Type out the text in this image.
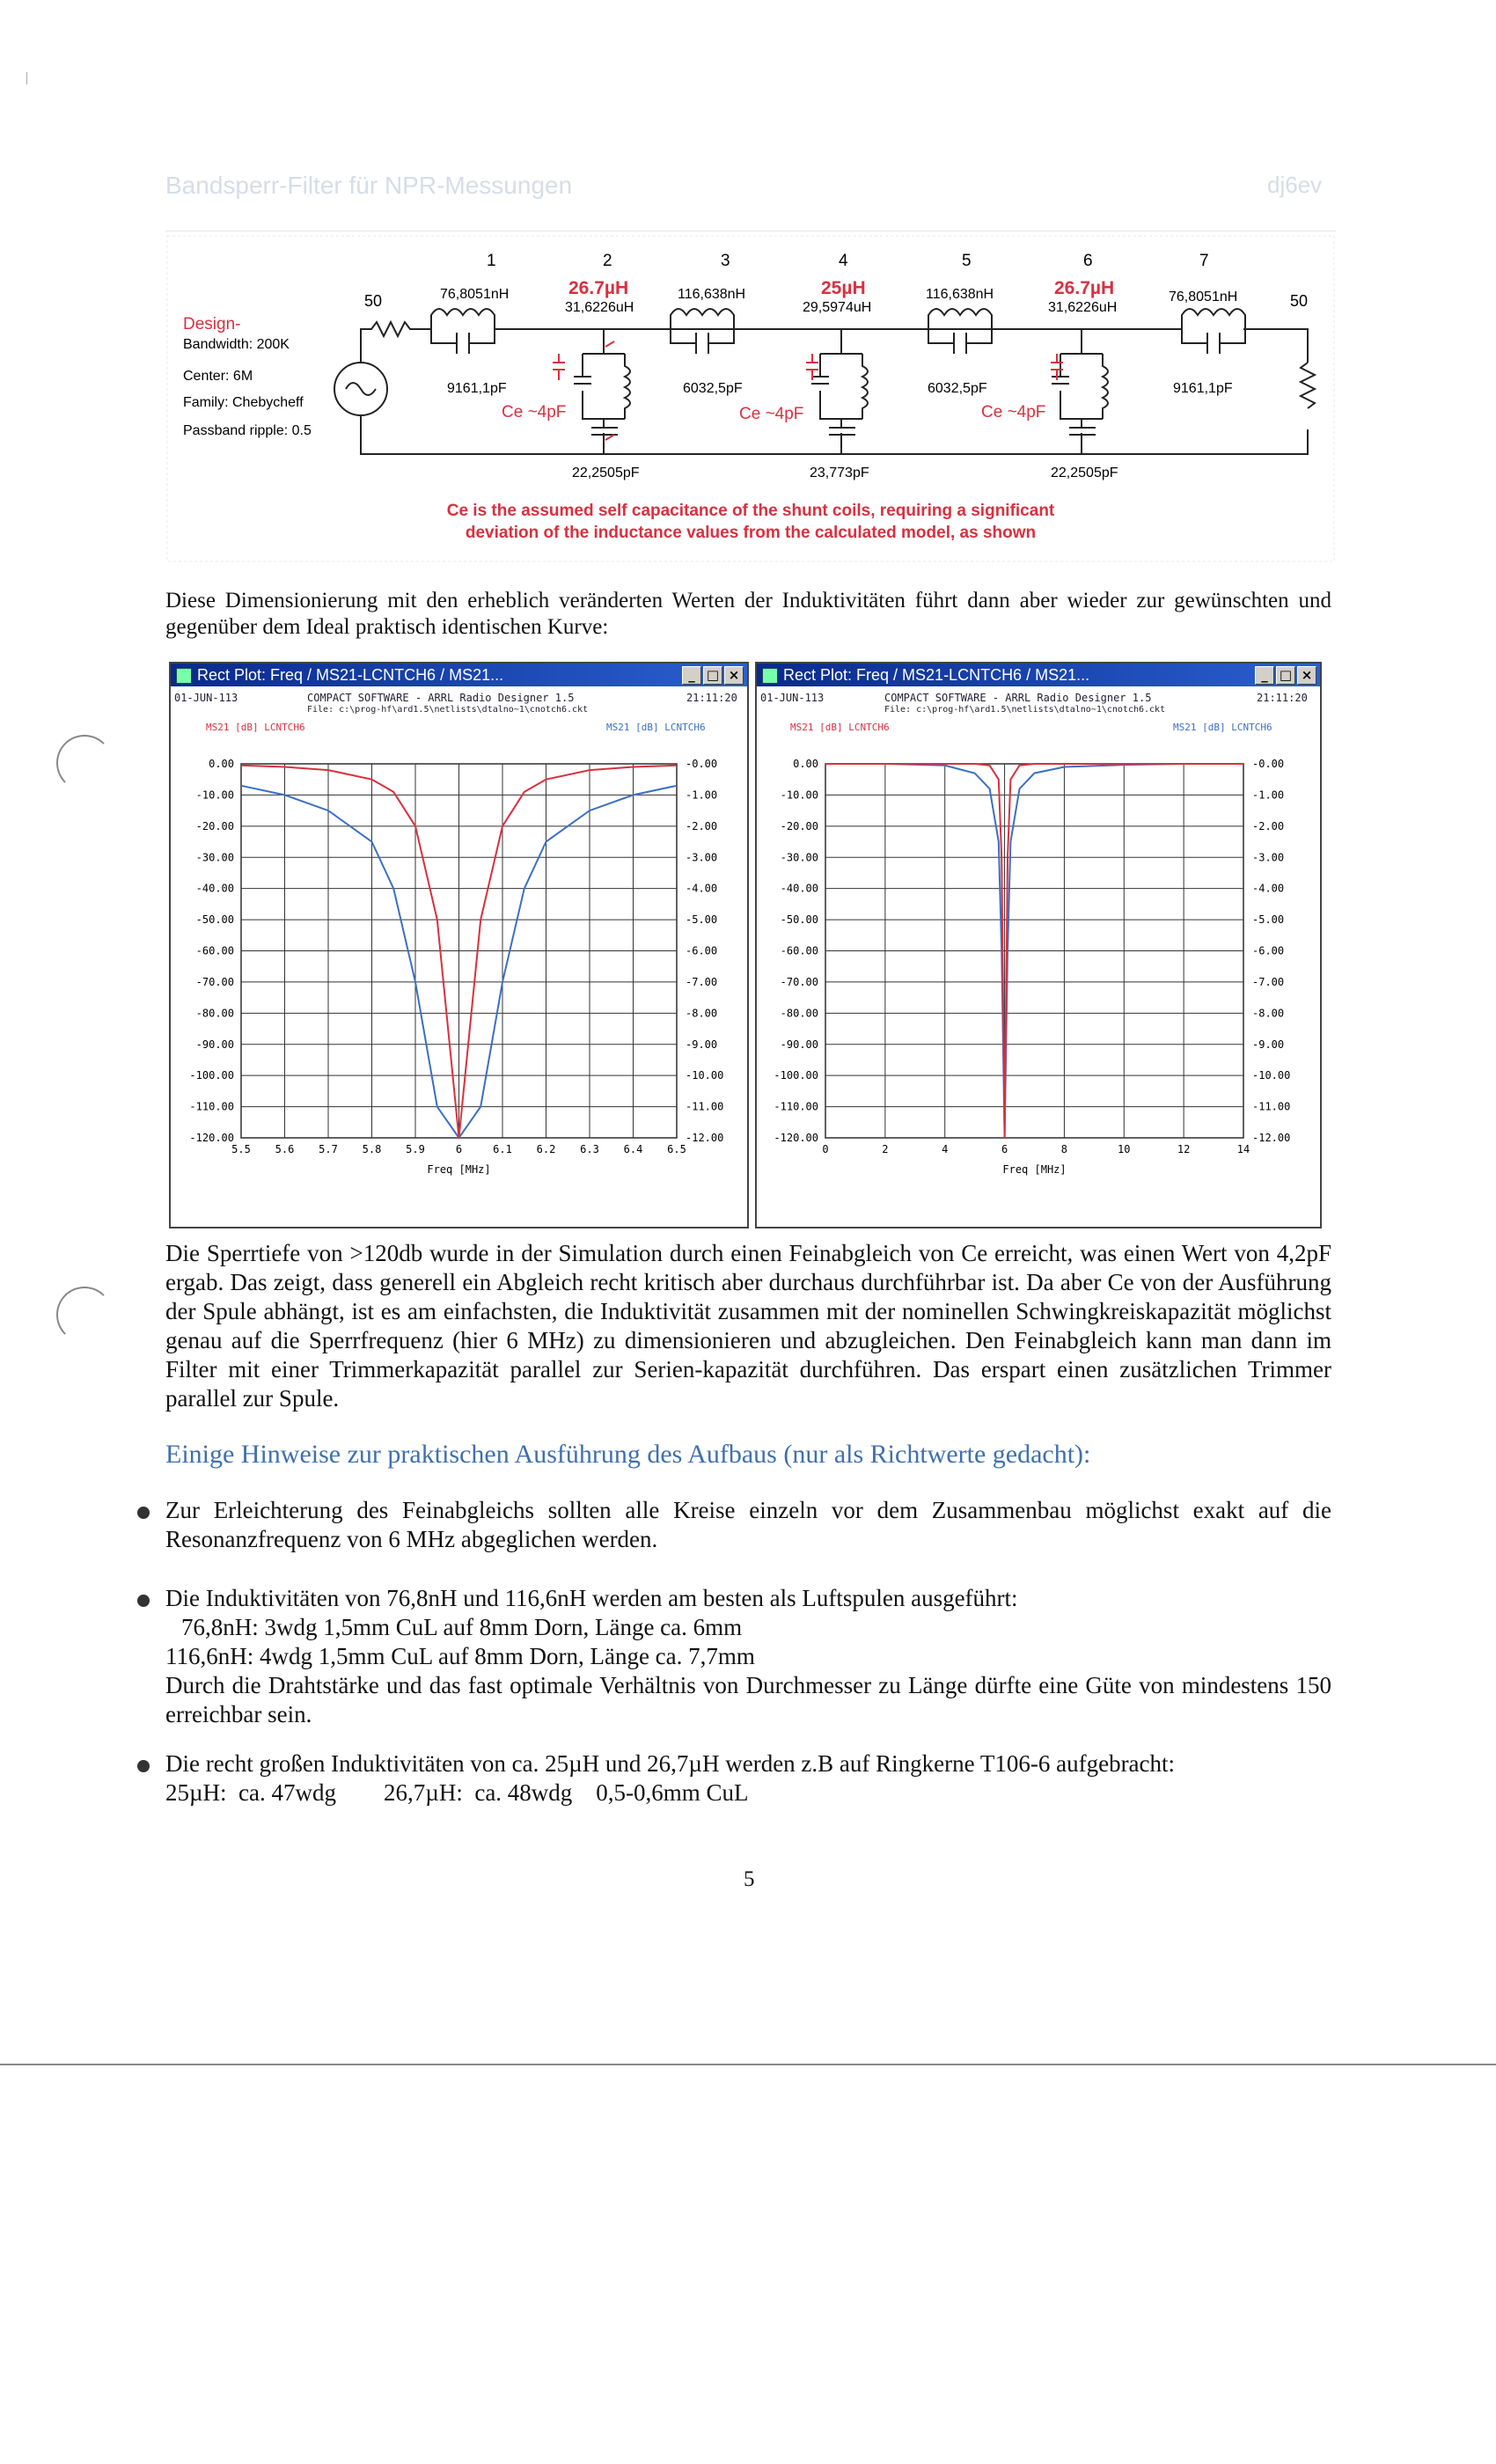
Bandsperr-Filter für NPR-Messungen	dj6ev
1	2	3	4	5	6	7
Design-
Bandwidth: 200K
Center: 6M
Family: Chebycheff
Passband ripple: 0.5
50	50
76,8051nH	116,638nH	116,638nH	76,8051nH
26.7µH	25µH	26.7µH
31,6226uH	29,5974uH	31,6226uH
9161,1pF	6032,5pF	6032,5pF	9161,1pF
Ce ~4pF	Ce ~4pF	Ce ~4pF
22,2505pF	23,773pF	22,2505pF
Ce is the assumed self capacitance of the shunt coils, requiring a significant
deviation of the inductance values from the calculated model, as shown
Diese Dimensionierung mit den erheblich veränderten Werten der Induktivitäten führt dann aber wieder zur gewünschten und gegenüber dem Ideal praktisch identischen Kurve:
Rect Plot: Freq / MS21-LCNTCH6 / MS21...	_ □ ×
01-JUN-113	COMPACT SOFTWARE - ARRL Radio Designer 1.5	21:11:20
File: c:\prog-hf\ard1.5\netlists\dtalno~1\cnotch6.ckt
MS21 [dB] LCNTCH6	MS21 [dB] LCNTCH6
5.5 5.6 5.7 5.8 5.9	6	6.1 6.2 6.3 6.4 6.5
0.00	-0.00
-10.00	-1.00
-20.00	-2.00
-30.00	-3.00
-40.00	-4.00
-50.00	-5.00
-60.00	-6.00
-70.00	-7.00
-80.00	-8.00
-90.00	-9.00
-100.00	-10.00
-110.00	-11.00
-120.00	-12.00
Freq [MHz]
Rect Plot: Freq / MS21-LCNTCH6 / MS21...	_ □ ×
01-JUN-113	COMPACT SOFTWARE - ARRL Radio Designer 1.5	21:11:20
File: c:\prog-hf\ard1.5\netlists\dtalno~1\cnotch6.ckt
MS21 [dB] LCNTCH6	MS21 [dB] LCNTCH6
0	2	4	6	8	10	12	14
0.00	-0.00
-10.00	-1.00
-20.00	-2.00
-30.00	-3.00
-40.00	-4.00
-50.00	-5.00
-60.00	-6.00
-70.00	-7.00
-80.00	-8.00
-90.00	-9.00
-100.00	-10.00
-110.00	-11.00
-120.00	-12.00
Freq [MHz]
Die Sperrtiefe von >120db wurde in der Simulation durch einen Feinabgleich von Ce erreicht, was einen Wert von 4,2pF ergab. Das zeigt, dass generell ein Abgleich recht kritisch aber durchaus durchführbar ist. Da aber Ce von der Ausführung der Spule abhängt, ist es am einfachsten, die Induktivität zusammen mit der nominellen Schwingkreiskapazität möglichst genau auf die Sperrfrequenz (hier 6 MHz) zu dimensionieren und abzugleichen. Den Feinabgleich kann man dann im Filter mit einer Trimmerkapazität parallel zur Serien-kapazität durchführen. Das erspart einen zusätzlichen Trimmer parallel zur Spule.
Einige Hinweise zur praktischen Ausführung des Aufbaus (nur als Richtwerte gedacht):
Zur Erleichterung des Feinabgleichs sollten alle Kreise einzeln vor dem Zusammenbau möglichst exakt auf die Resonanzfrequenz von 6 MHz abgeglichen werden.
Die Induktivitäten von 76,8nH und 116,6nH werden am besten als Luftspulen ausgeführt:
76,8nH: 3wdg 1,5mm CuL auf 8mm Dorn, Länge ca. 6mm
116,6nH: 4wdg 1,5mm CuL auf 8mm Dorn, Länge ca. 7,7mm
Durch die Drahtstärke und das fast optimale Verhältnis von Durchmesser zu Länge dürfte eine Güte von mindestens 150 erreichbar sein.
Die recht großen Induktivitäten von ca. 25µH und 26,7µH werden z.B auf Ringkerne T106-6 aufgebracht:
25µH:  ca. 47wdg        26,7µH:  ca. 48wdg    0,5-0,6mm CuL
5
